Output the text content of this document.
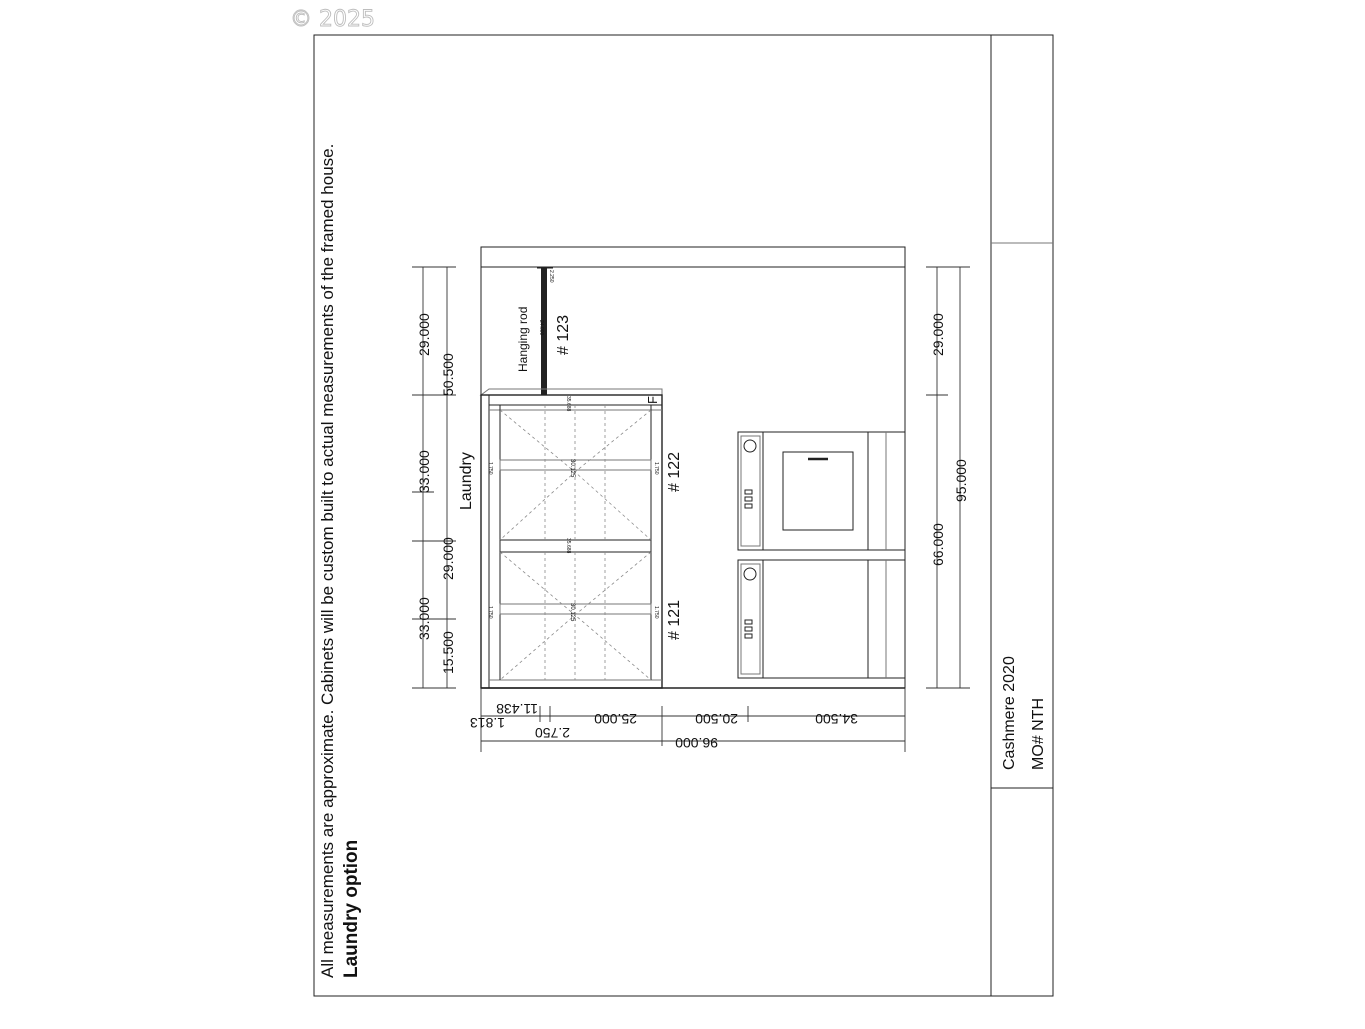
© 2025
All measurements are approximate. Cabinets will be custom built to actual measurements of the framed house. Laundry option
Cashmere 2020 MO# NTH
2.250
24.000
Hanging rod # 123
Laundry
35.688
30.125
30.125
35.688
1.750	1.750
1.750	1.750
F
# 122
# 121
29.000
33.000
29.000
33.000
15.500
50.500
29.000
66.000
95.000
11.438
25.000	20.500	34.500
1.813
2.750
96.000
